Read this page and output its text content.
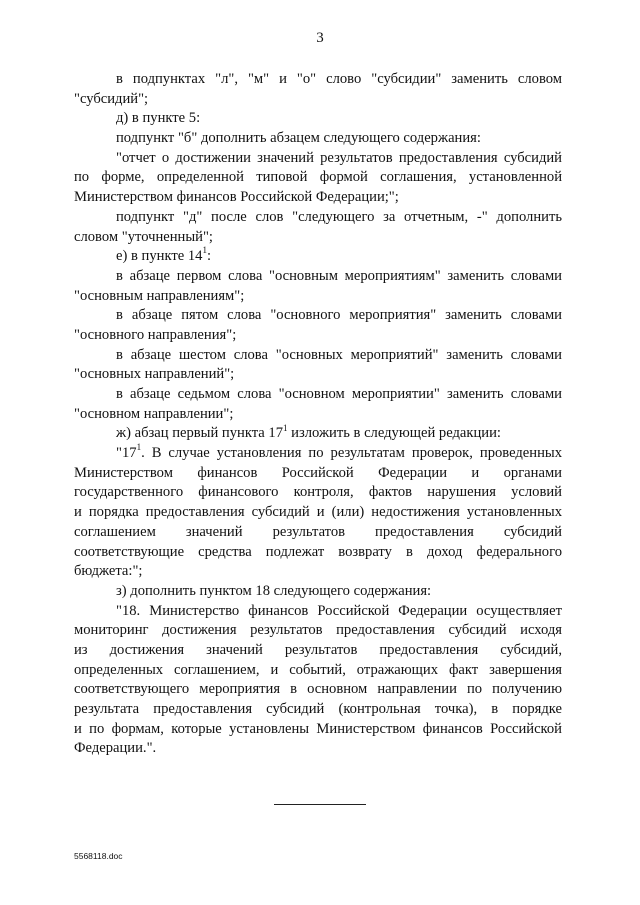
3
в подпунктах "л", "м" и "о" слово "субсидии" заменить словом
"субсидий";
д) в пункте 5:
подпункт "б" дополнить абзацем следующего содержания:
"отчет о достижении значений результатов предоставления субсидий
по форме, определенной типовой формой соглашения, установленной
Министерством финансов Российской Федерации;";
подпункт "д" после слов "следующего за отчетным, -" дополнить
словом "уточненный";
е) в пункте $14^1$:
в абзаце первом слова "основным мероприятиям" заменить словами
"основным направлениям";
в абзаце пятом слова "основного мероприятия" заменить словами
"основного направления";
в абзаце шестом слова "основных мероприятий" заменить словами
"основных направлений";
в абзаце седьмом слова "основном мероприятии" заменить словами
"основном направлении";
ж) абзац первый пункта $17^1$ изложить в следующей редакции:
"$17^1$. В случае установления по результатам проверок, проведенных
Министерством финансов Российской Федерации и органами
государственного финансового контроля, фактов нарушения условий
и порядка предоставления субсидий и (или) недостижения установленных
соглашением значений результатов предоставления субсидий
соответствующие средства подлежат возврату в доход федерального
бюджета:";
з) дополнить пунктом 18 следующего содержания:
"18. Министерство финансов Российской Федерации осуществляет
мониторинг достижения результатов предоставления субсидий исходя
из достижения значений результатов предоставления субсидий,
определенных соглашением, и событий, отражающих факт завершения
соответствующего мероприятия в основном направлении по получению
результата предоставления субсидий (контрольная точка), в порядке
и по формам, которые установлены Министерством финансов Российской
Федерации.".
5568118.doc
